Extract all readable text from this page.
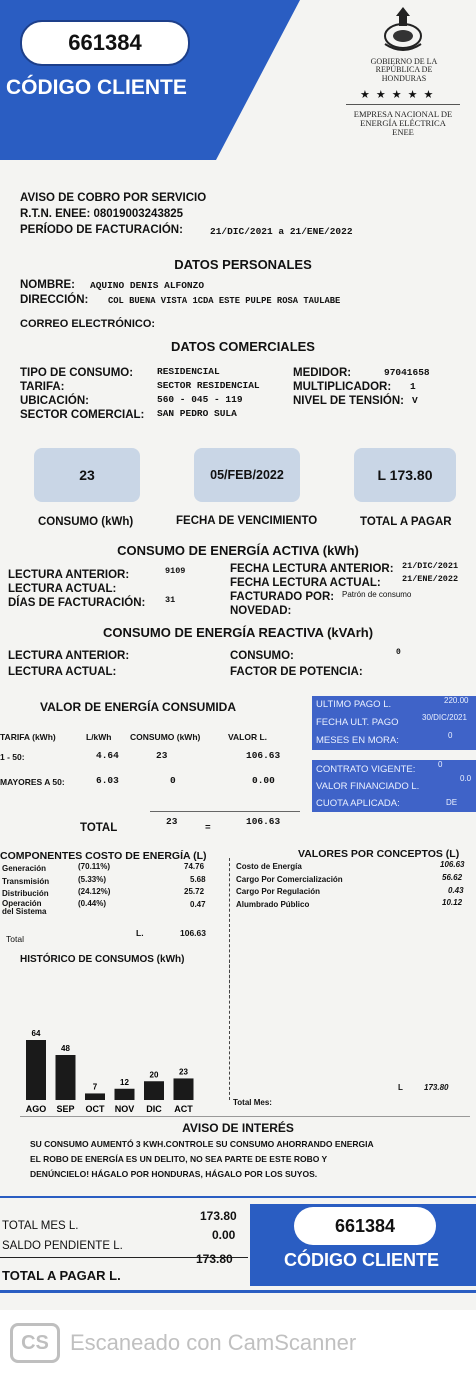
661384
CÓDIGO CLIENTE
GOBIERNO DE LA
REPÚBLICA DE HONDURAS
★★★★★
EMPRESA NACIONAL DE
ENERGÍA ELÉCTRICA
ENEE
AVISO DE COBRO POR SERVICIO
R.T.N. ENEE: 08019003243825
PERÍODO DE FACTURACIÓN:	21/DIC/2021 a 21/ENE/2022
DATOS PERSONALES
NOMBRE: AQUINO DENIS ALFONZO
DIRECCIÓN: COL BUENA VISTA 1CDA ESTE PULPE ROSA TAULABE
CORREO ELECTRÓNICO:
DATOS COMERCIALES
TIPO DE CONSUMO:	RESIDENCIAL
TARIFA:	SECTOR RESIDENCIAL
UBICACIÓN:	560 - 045 - 119
SECTOR COMERCIAL: SAN PEDRO SULA
MEDIDOR:	97041658
MULTIPLICADOR: 1
NIVEL DE TENSIÓN: V
23	05/FEB/2022	L 173.80
CONSUMO (kWh)	FECHA DE VENCIMIENTO	TOTAL A PAGAR
CONSUMO DE ENERGÍA ACTIVA (kWh)
LECTURA ANTERIOR:	9109
LECTURA ACTUAL:
DÍAS DE FACTURACIÓN: 31
FECHA LECTURA ANTERIOR: 21/DIC/2021
FECHA LECTURA ACTUAL: 21/ENE/2022
FACTURADO POR: Patrón de consumo
NOVEDAD:
CONSUMO DE ENERGÍA REACTIVA (kVArh)
LECTURA ANTERIOR:
LECTURA ACTUAL:
CONSUMO:	0
FACTOR DE POTENCIA:
VALOR DE ENERGÍA CONSUMIDA
TARIFA (kWh)	L/kWh CONSUMO (kWh)	VALOR L.
1 - 50:	4.64	23	106.63
MAYORES A 50:	6.03	0	0.00
TOTAL
23
=
106.63
ULTIMO PAGO L.	220.00
FECHA ULT. PAGO	30/DIC/2021
MESES EN MORA:	0
CONTRATO VIGENTE:	0
VALOR FINANCIADO L.
0.0
CUOTA APLICADA:	DE
COMPONENTES COSTO DE ENERGÍA (L)	VALORES POR CONCEPTOS (L)
Generación	(70.11%)	74.76
Transmisión	(5.33%)	5.68
Distribución	(24.12%)	25.72
Operación del Sistema
(0.44%)	0.47
Total
L.	106.63
Costo de Energía	106.63
Cargo Por Comercialización	56.62
Cargo Por Regulación	0.43
Alumbrado Público	10.12
HISTÓRICO DE CONSUMOS (kWh)
64
AGO
48
SEP
7
OCT
12
NOV
20
DIC
23
ACT
Total Mes:
L	173.80
AVISO DE INTERÉS
SU CONSUMO AUMENTÓ 3 KWH.CONTROLE SU CONSUMO AHORRANDO ENERGIA
EL ROBO DE ENERGÍA ES UN DELITO, NO SEA PARTE DE ESTE ROBO Y
DENÚNCIELO! HÁGALO POR HONDURAS, HÁGALO POR LOS SUYOS.
TOTAL MES L.
173.80
SALDO PENDIENTE L.
0.00
TOTAL A PAGAR L.
173.80
661384
CÓDIGO CLIENTE
CS Escaneado con CamScanner
